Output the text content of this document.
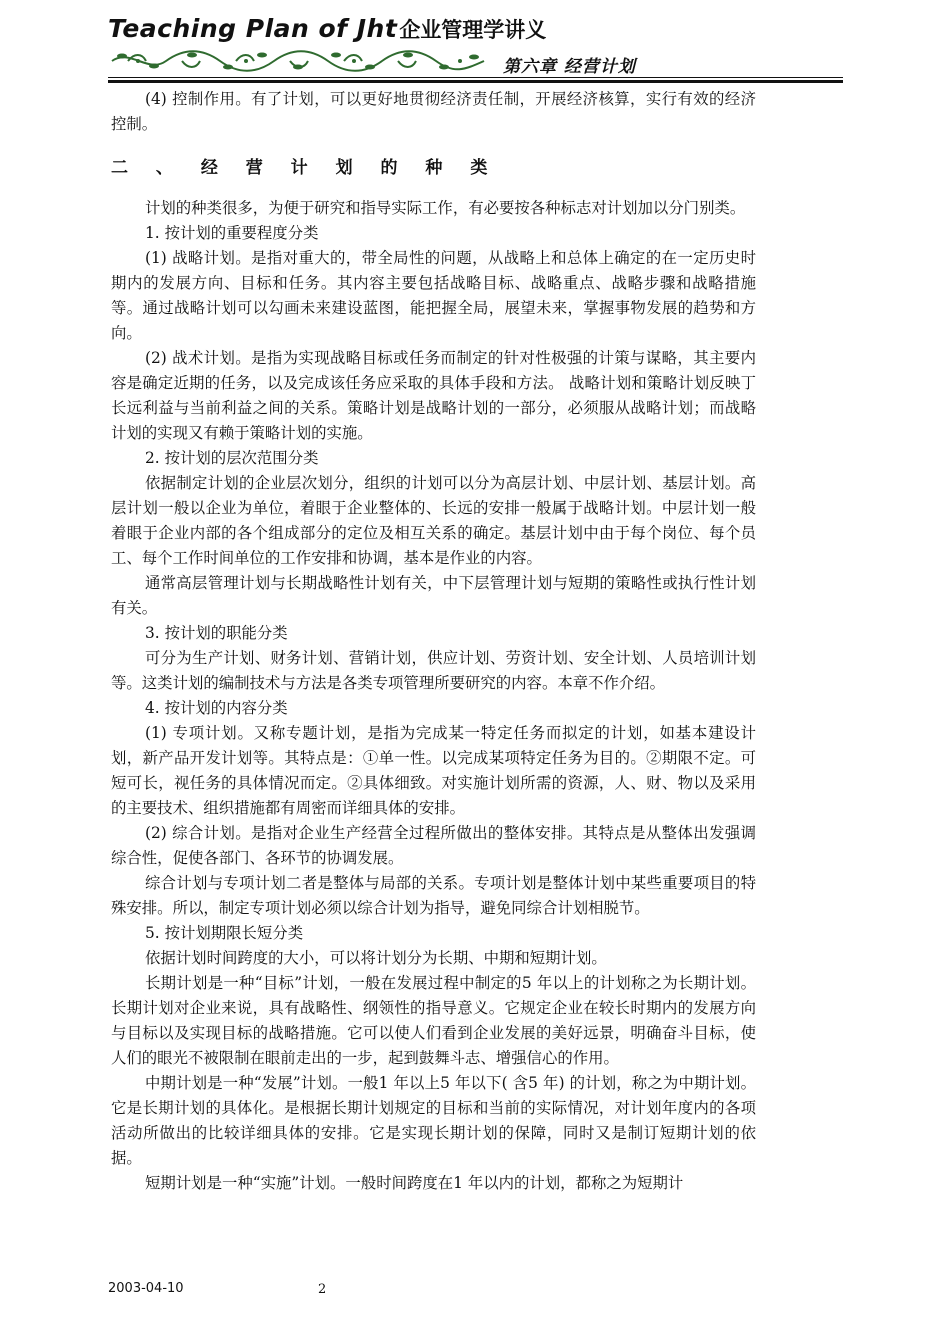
Teaching Plan of Jht企业管理学讲义
第六章 经营计划

(4) 控制作用。有了计划，可以更好地贯彻经济责任制，开展经济核算，实行有效的经济控制。

二 、 经 营 计 划 的 种 类

计划的种类很多，为便于研究和指导实际工作，有必要按各种标志对计划加以分门别类。

1. 按计划的重要程度分类

(1) 战略计划。是指对重大的，带全局性的问题，从战略上和总体上确定的在一定历史时期内的发展方向、目标和任务。其内容主要包括战略目标、战略重点、战略步骤和战略措施等。通过战略计划可以勾画未来建设蓝图，能把握全局，展望未来，掌握事物发展的趋势和方向。

(2) 战术计划。是指为实现战略目标或任务而制定的针对性极强的计策与谋略，其主要内容是确定近期的任务，以及完成该任务应采取的具体手段和方法。 战略计划和策略计划反映丁长远利益与当前利益之间的关系。策略计划是战略计划的一部分，必须服从战略计划；而战略计划的实现又有赖于策略计划的实施。

2. 按计划的层次范围分类

依据制定计划的企业层次划分，组织的计划可以分为高层计划、中层计划、基层计划。高层计划一般以企业为单位，着眼于企业整体的、长远的安排一般属于战略计划。中层计划一般着眼于企业内部的各个组成部分的定位及相互关系的确定。基层计划中由于每个岗位、每个员工、每个工作时间单位的工作安排和协调，基本是作业的内容。

通常高层管理计划与长期战略性计划有关，中下层管理计划与短期的策略性或执行性计划有关。

3. 按计划的职能分类

可分为生产计划、财务计划、营销计划，供应计划、劳资计划、安全计划、人员培训计划等。这类计划的编制技术与方法是各类专项管理所要研究的内容。本章不作介绍。

4. 按计划的内容分类

(1) 专项计划。又称专题计划，是指为完成某一特定任务而拟定的计划，如基本建设计划，新产品开发计划等。其特点是：①单一性。以完成某项特定任务为目的。②期限不定。可短可长，视任务的具体情况而定。②具体细致。对实施计划所需的资源，人、财、物以及采用的主要技术、组织措施都有周密而详细具体的安排。

(2) 综合计划。是指对企业生产经营全过程所做出的整体安排。其特点是从整体出发强调综合性，促使各部门、各环节的协调发展。

综合计划与专项计划二者是整体与局部的关系。专项计划是整体计划中某些重要项目的特殊安排。所以，制定专项计划必须以综合计划为指导，避免同综合计划相脱节。

5. 按计划期限长短分类

依据计划时间跨度的大小，可以将计划分为长期、中期和短期计划。

长期计划是一种“目标”计划，一般在发展过程中制定的5 年以上的计划称之为长期计划。长期计划对企业来说，具有战略性、纲领性的指导意义。它规定企业在较长时期内的发展方向与目标以及实现目标的战略措施。它可以使人们看到企业发展的美好远景，明确奋斗目标，使人们的眼光不被限制在眼前走出的一步，起到鼓舞斗志、增强信心的作用。

中期计划是一种“发展”计划。一般1 年以上5 年以下( 含5 年) 的计划，称之为中期计划。它是长期计划的具体化。是根据长期计划规定的目标和当前的实际情况，对计划年度内的各项活动所做出的比较详细具体的安排。它是实现长期计划的保障，同时又是制订短期计划的依据。

短期计划是一种“实施”计划。一般时间跨度在1 年以内的计划，都称之为短期计

2003-04-10	2
